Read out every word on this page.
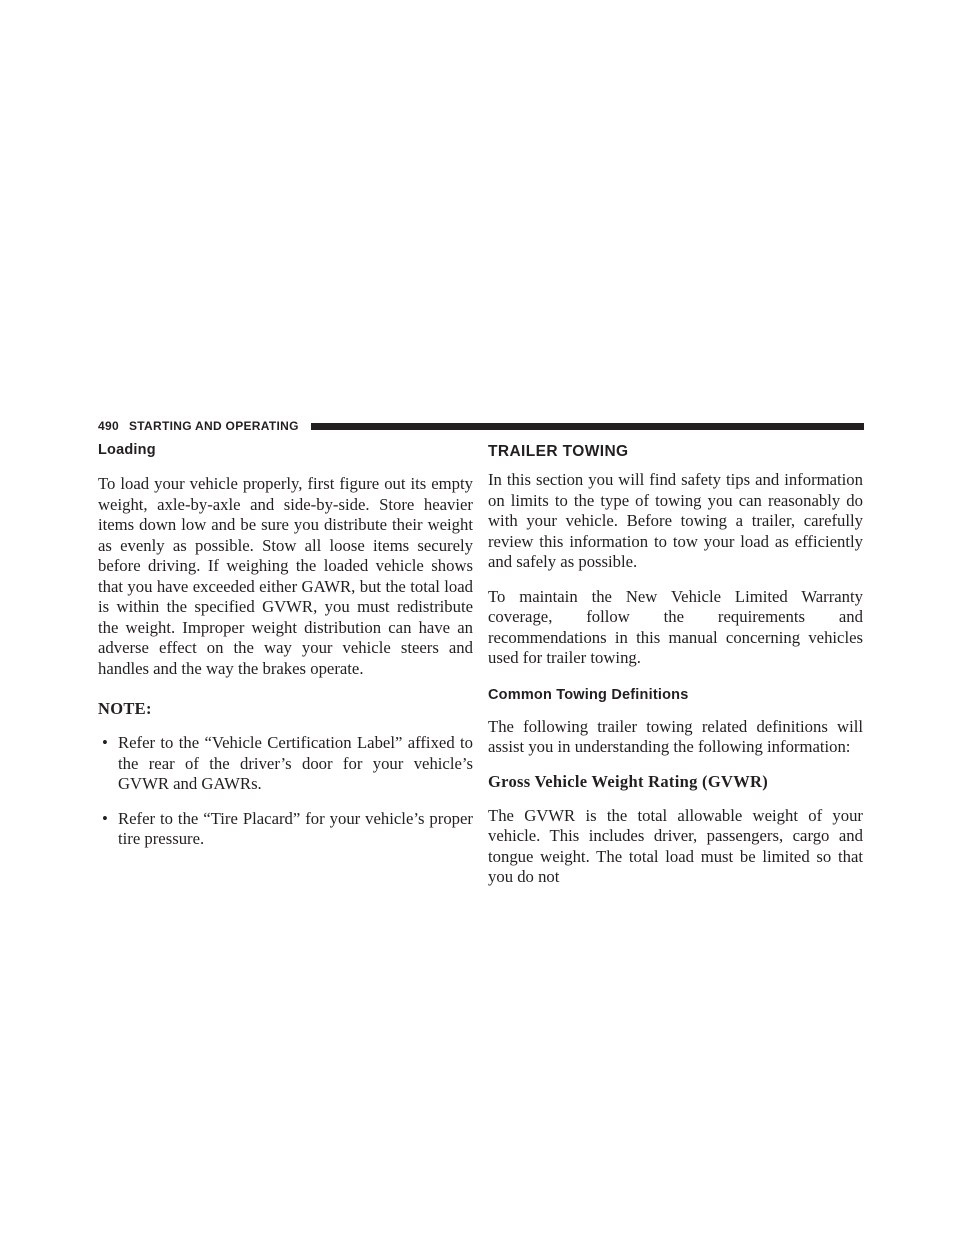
490 STARTING AND OPERATING
Loading

To load your vehicle properly, first figure out its empty weight, axle-by-axle and side-by-side. Store heavier items down low and be sure you distribute their weight as evenly as possible. Stow all loose items securely before driving. If weighing the loaded vehicle shows that you have exceeded either GAWR, but the total load is within the specified GVWR, you must redistribute the weight. Improper weight distribution can have an adverse effect on the way your vehicle steers and handles and the way the brakes operate.

NOTE:
• Refer to the “Vehicle Certification Label” affixed to the rear of the driver’s door for your vehicle’s GVWR and GAWRs.
• Refer to the “Tire Placard” for your vehicle’s proper tire pressure.
TRAILER TOWING

In this section you will find safety tips and information on limits to the type of towing you can reasonably do with your vehicle. Before towing a trailer, carefully review this information to tow your load as efficiently and safely as possible.

To maintain the New Vehicle Limited Warranty coverage, follow the requirements and recommendations in this manual concerning vehicles used for trailer towing.

Common Towing Definitions

The following trailer towing related definitions will assist you in understanding the following information:

Gross Vehicle Weight Rating (GVWR)

The GVWR is the total allowable weight of your vehicle. This includes driver, passengers, cargo and tongue weight. The total load must be limited so that you do not
